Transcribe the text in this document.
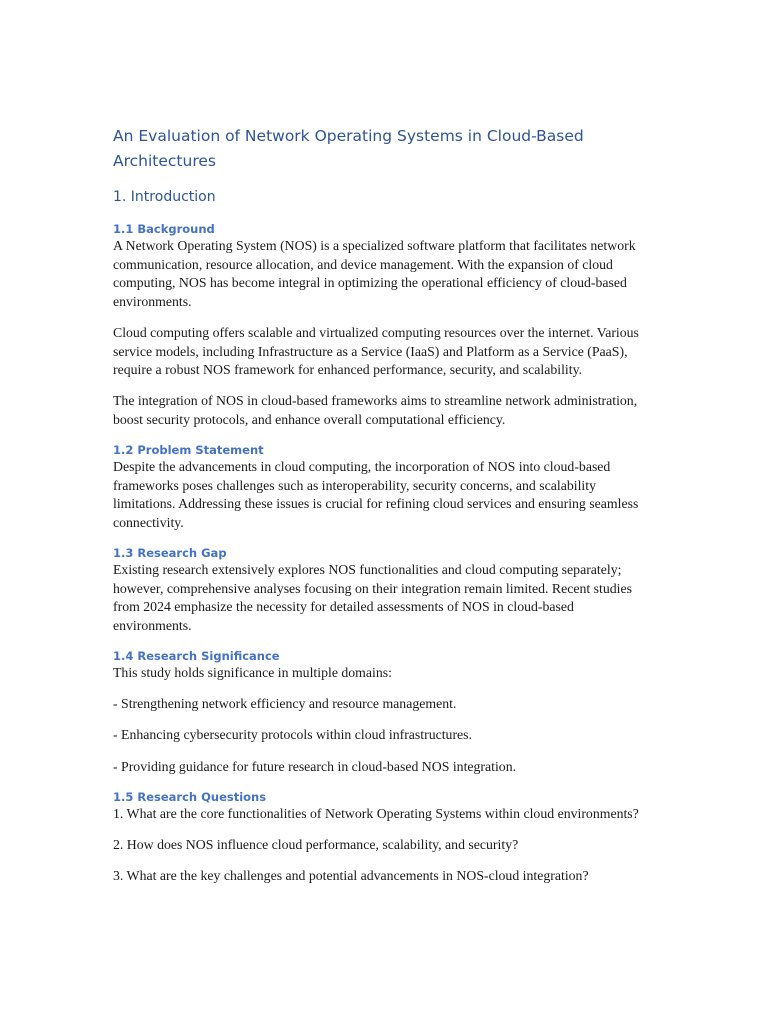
An Evaluation of Network Operating Systems in Cloud-Based Architectures
1. Introduction
1.1 Background

A Network Operating System (NOS) is a specialized software platform that facilitates network communication, resource allocation, and device management. With the expansion of cloud computing, NOS has become integral in optimizing the operational efficiency of cloud-based environments.

Cloud computing offers scalable and virtualized computing resources over the internet. Various service models, including Infrastructure as a Service (IaaS) and Platform as a Service (PaaS), require a robust NOS framework for enhanced performance, security, and scalability.

The integration of NOS in cloud-based frameworks aims to streamline network administration, boost security protocols, and enhance overall computational efficiency.

1.2 Problem Statement

Despite the advancements in cloud computing, the incorporation of NOS into cloud-based frameworks poses challenges such as interoperability, security concerns, and scalability limitations. Addressing these issues is crucial for refining cloud services and ensuring seamless connectivity.

1.3 Research Gap

Existing research extensively explores NOS functionalities and cloud computing separately; however, comprehensive analyses focusing on their integration remain limited. Recent studies from 2024 emphasize the necessity for detailed assessments of NOS in cloud-based environments.

1.4 Research Significance

This study holds significance in multiple domains:

- Strengthening network efficiency and resource management.

- Enhancing cybersecurity protocols within cloud infrastructures.

- Providing guidance for future research in cloud-based NOS integration.

1.5 Research Questions

1. What are the core functionalities of Network Operating Systems within cloud environments?

2. How does NOS influence cloud performance, scalability, and security?

3. What are the key challenges and potential advancements in NOS-cloud integration?
